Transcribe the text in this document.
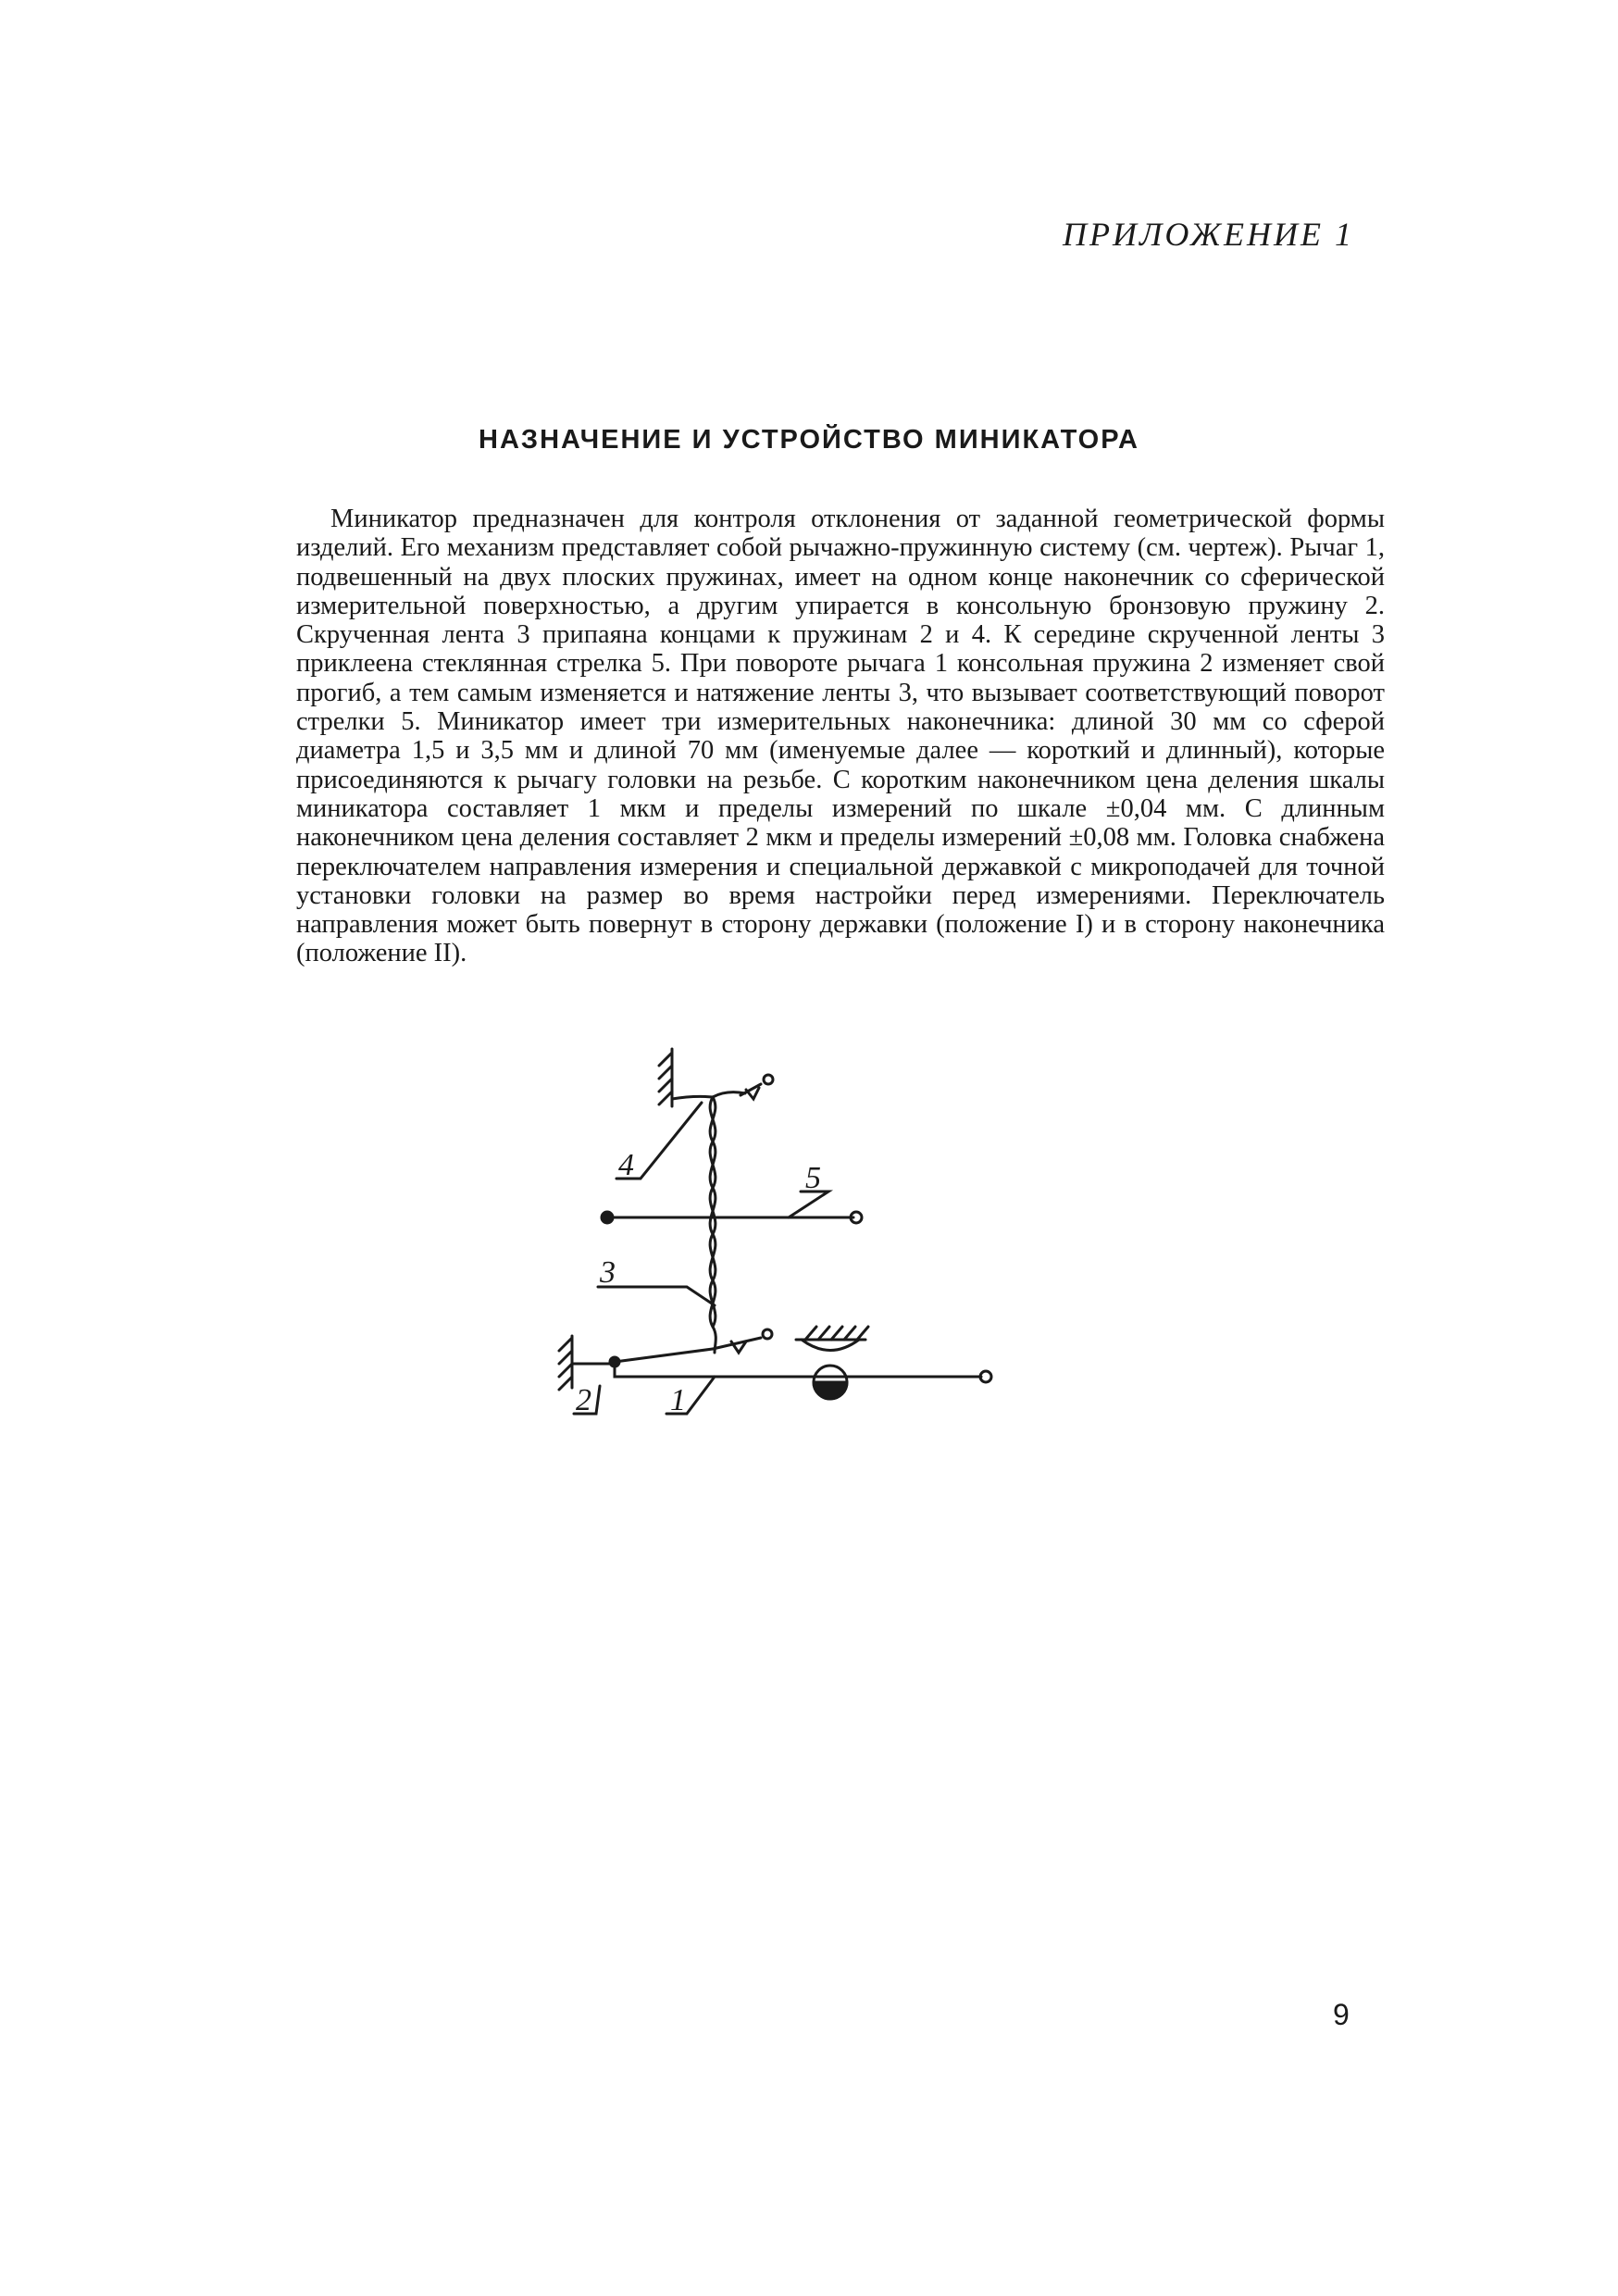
ПРИЛОЖЕНИЕ 1
НАЗНАЧЕНИЕ И УСТРОЙСТВО МИНИКАТОРА
Миникатор предназначен для контроля отклонения от заданной геометрической формы изделий. Его механизм представляет собой рычажно-пружинную систему (см. чертеж). Рычаг 1, подвешенный на двух плоских пружинах, имеет на одном конце наконечник со сферической измерительной поверхностью, а другим упирается в консольную бронзовую пружину 2. Скрученная лента 3 припаяна концами к пружинам 2 и 4. К середине скрученной ленты 3 приклеена стеклянная стрелка 5. При повороте рычага 1 консольная пружина 2 изменяет свой прогиб, а тем самым изменяется и натяжение ленты 3, что вызывает соответствующий поворот стрелки 5. Миникатор имеет три измерительных наконечника: длиной 30 мм со сферой диаметра 1,5 и 3,5 мм и длиной 70 мм (именуемые далее — короткий и длинный), которые присоединяются к рычагу головки на резьбе. С коротким наконечником цена деления шкалы миникатора составляет 1 мкм и пределы измерений по шкале ±0,04 мм. С длинным наконечником цена деления составляет 2 мкм и пределы измерений ±0,08 мм. Головка снабжена переключателем направления измерения и специальной державкой с микроподачей для точной установки головки на размер во время настройки перед измерениями. Переключатель направления может быть повернут в сторону державки (положение I) и в сторону наконечника (положение II).
4	5
3
2	1
9
